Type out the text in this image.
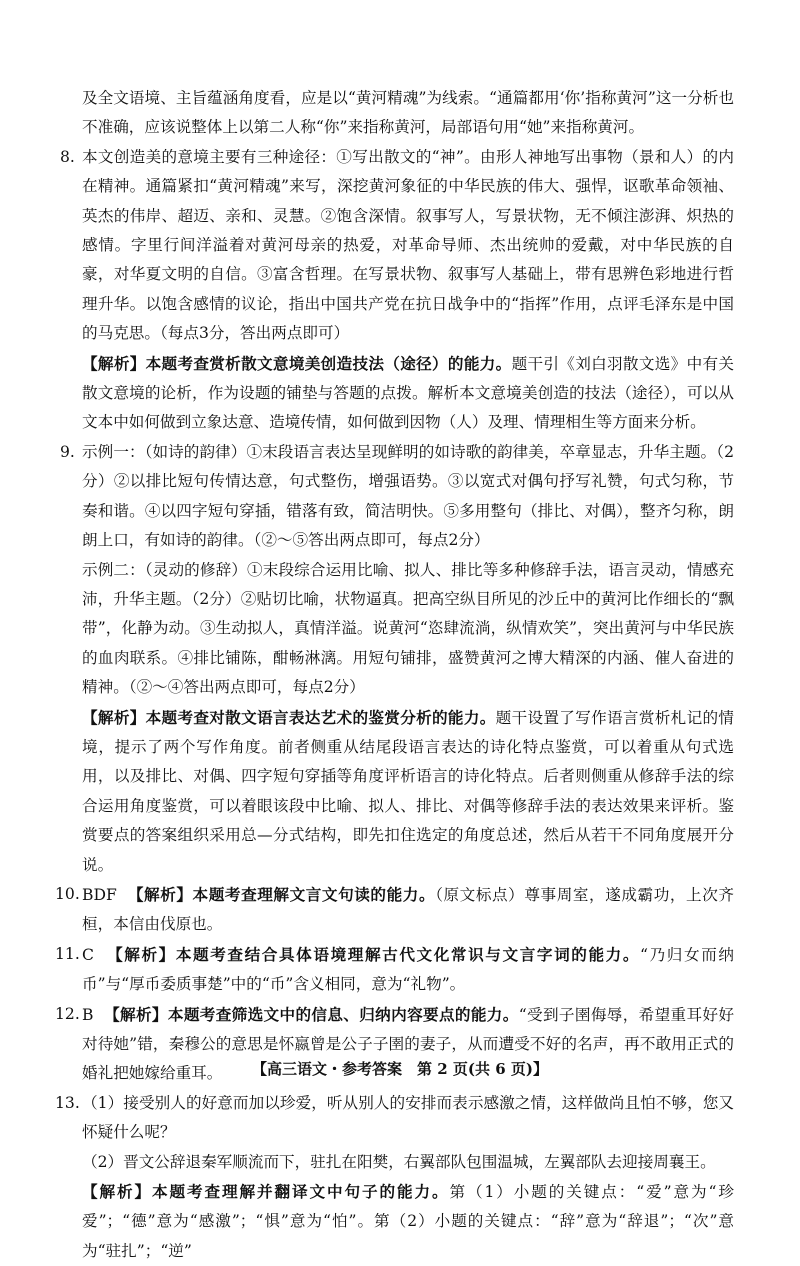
及全文语境、主旨蕴涵角度看，应是以“黄河精魂”为线索。“通篇都用‘你’指称黄河”这一分析也不准确，应该说整体上以第二人称“你”来指称黄河，局部语句用“她”来指称黄河。

8. 本文创造美的意境主要有三种途径：①写出散文的“神”。由形人神地写出事物（景和人）的内在精神。通篇紧扣“黄河精魂”来写，深挖黄河象征的中华民族的伟大、强悍，讴歌革命领袖、英杰的伟岸、超迈、亲和、灵慧。②饱含深情。叙事写人，写景状物，无不倾注澎湃、炽热的感情。字里行间洋溢着对黄河母亲的热爱，对革命导师、杰出统帅的爱戴，对中华民族的自豪，对华夏文明的自信。③富含哲理。在写景状物、叙事写人基础上，带有思辨色彩地进行哲理升华。以饱含感情的议论，指出中国共产党在抗日战争中的“指挥”作用，点评毛泽东是中国的马克思。（每点3分，答出两点即可）

【解析】本题考查赏析散文意境美创造技法（途径）的能力。题干引《刘白羽散文选》中有关散文意境的论析，作为设题的铺垫与答题的点拨。解析本文意境美创造的技法（途径），可以从文本中如何做到立象达意、造境传情，如何做到因物（人）及理、情理相生等方面来分析。

9. 示例一：（如诗的韵律）①末段语言表达呈现鲜明的如诗歌的韵律美，卒章显志，升华主题。（2分）②以排比短句传情达意，句式整伤，增强语势。③以宽式对偶句抒写礼赞，句式匀称，节奏和谐。④以四字短句穿插，错落有致，简洁明快。⑤多用整句（排比、对偶），整齐匀称，朗朗上口，有如诗的韵律。（②～⑤答出两点即可，每点2分）

示例二：（灵动的修辞）①末段综合运用比喻、拟人、排比等多种修辞手法，语言灵动，情感充沛，升华主题。（2分）②贴切比喻，状物逼真。把高空纵目所见的沙丘中的黄河比作细长的“飘带”，化静为动。③生动拟人，真情洋溢。说黄河“恣肆流淌，纵情欢笑”，突出黄河与中华民族的血肉联系。④排比铺陈，酣畅淋漓。用短句铺排，盛赞黄河之博大精深的内涵、催人奋进的精神。（②～④答出两点即可，每点2分）

【解析】本题考查对散文语言表达艺术的鉴赏分析的能力。题干设置了写作语言赏析札记的情境，提示了两个写作角度。前者侧重从结尾段语言表达的诗化特点鉴赏，可以着重从句式选用，以及排比、对偶、四字短句穿插等角度评析语言的诗化特点。后者则侧重从修辞手法的综合运用角度鉴赏，可以着眼该段中比喻、拟人、排比、对偶等修辞手法的表达效果来评析。鉴赏要点的答案组织采用总—分式结构，即先扣住选定的角度总述，然后从若干不同角度展开分说。

10. BDF 【解析】本题考查理解文言文句读的能力。（原文标点）尊事周室，遂成霸功，上次齐桓，本信由伐原也。

11. C 【解析】本题考查结合具体语境理解古代文化常识与文言字词的能力。“乃归女而纳币”与“厚币委质事楚”中的“币”含义相同，意为“礼物”。

12. B 【解析】本题考查筛选文中的信息、归纳内容要点的能力。“受到子圉侮辱，希望重耳好好对待她”错，秦穆公的意思是怀嬴曾是公子子圉的妻子，从而遭受不好的名声，再不敢用正式的婚礼把她嫁给重耳。

13. （1）接受别人的好意而加以珍爱，听从别人的安排而表示感激之情，这样做尚且怕不够，您又怀疑什么呢？

（2）晋文公辞退秦军顺流而下，驻扎在阳樊，右翼部队包围温城，左翼部队去迎接周襄王。

【解析】本题考查理解并翻译文中句子的能力。第（1）小题的关键点：“爱”意为“珍爱”；“德”意为“感激”；“惧”意为“怕”。第（2）小题的关键点：“辞”意为“辞退”；“次”意为“驻扎”；“逆”

【高三语文・参考答案　第 2 页(共 6 页)】
